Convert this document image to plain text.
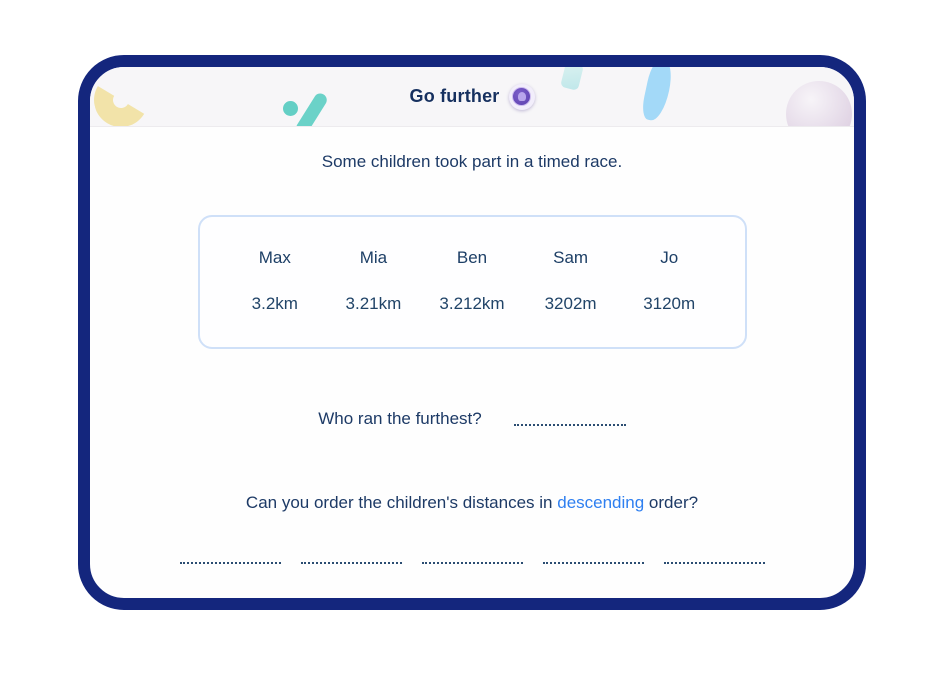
Go further

Some children took part in a timed race.

Max	Mia	Ben	Sam	Jo
3.2km	3.21km	3.212km	3202m	3120m
Who ran the furthest?

Can you order the children's distances in descending order?
